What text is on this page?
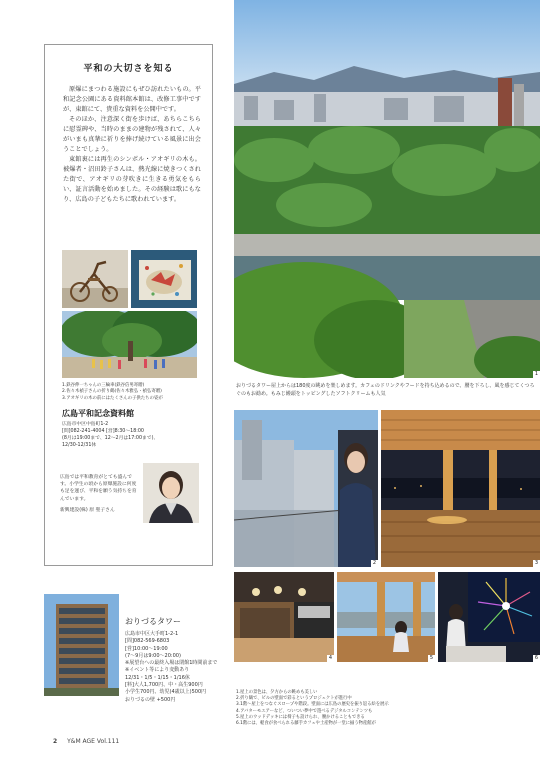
平和の大切さを知る

原爆にまつわる施設にもぜひ訪れたいもの。平和記念公園にある資料館本館は、改修工事中ですが、東館にて、貴重な資料を公開中です。

そのほか、注意深く街を歩けば、あちらこちらに慰霊碑や、当時のままの建物が残されて、人々がいまも真摯に祈りを捧げ続けている風景に出会うことでしょう。

東館裏には再生のシンボル・アオギリの木も。被爆者・沼田鈴子さんは、熱光線に焼きつくされた街で、アオギリの芽吹きに生きる勇気をもらい、証言活動を始めました。その経験は歌にもなり、広島の子どもたちに歌われています。

1.鉄谷伸一ちゃんの三輪車(鉄谷信男寄贈)
2.佐々木禎子さんの折り鶴(佐々木雅弘・禎弘寄贈)
3.アオギリの木の前にはたくさんの子供たちの姿が
広島平和記念資料館
広島市中区中島町1-2
[問]082-241-4004 [営]8:30～18:00
(8月は19:00まで、12～2月は17:00まで)、
12/30-12/31休
広島では平和教育がとても盛んです。小学生の頃から原爆施設に何度も足を運び、平和を願う気持ちを育んでいます。
新興建設(株) 原 聖子さん
おりづるタワー
広島市中区大手町1-2-1
[問]082-569-6803
[営]10:00～19:00
(7～9月は9:00～20:00)
※展望台への最終入場は閉館1時間前まで
※イベント等により変動あり
12/31・1/5・1/15・1/16休
[料]大人1,700円、中・高生900円
小学生700円、幼児(4歳以上)500円
おりづるの壁 +500円
おりづるタワー屋上からは180度の眺めを楽しめます。カフェのドリンクやフードを持ち込めるので、腰を下ろし、風を感じてくつろぐのもお勧め。もみじ饅頭をトッピングしたソフトクリームも人気
1
2	3
4	5	6
1.屋上の景色は、夕方からの眺めも美しい
2.折り鶴で、ビルの壁面で彩るというプロジェクトが進行中
3.1階～屋上をつなぐスロープや階段。壁面には広島の歴史を振り返る絵を展示
4.アバターモエアーなど、ついつい夢中で遊べるデジタルコンテンツも
5.屋上のウッドデッキには椅子も設けられ、腰かけることもできる
6.1階には、軽食が食べられる藤手カフェや土産物が一堂に揃う物産館が
2 Y&M AGE Vol.111
